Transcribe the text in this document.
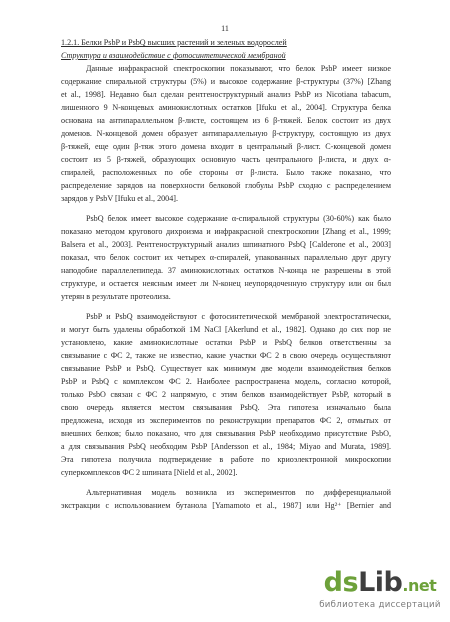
11
1.2.1. Белки PsbP и PsbQ высших растений и зеленых водорослей
Структура и взаимодействие с фотосинтетической мембраной
Данные инфракрасной спектроскопии показывают, что белок PsbP имеет низкое
содержание спиральной структуры (5%) и высокое содержание β-структуры (37%) [Zhang
et al., 1998]. Недавно был сделан рентгеноструктурный анализ PsbP из Nicotiana tabacum,
лишенного 9 N-концевых аминокислотных остатков [Ifuku et al., 2004]. Структура белка
основана на антипараллельном β-листе, состоящем из 6 β-тяжей. Белок состоит из двух
доменов. N-концевой домен образует антипараллельную β-структуру, состоящую из двух
β-тяжей, еще один β-тяж этого домена входит в центральный β-лист. С-концевой домен
состоит из 5 β-тяжей, образующих основную часть центрального β-листа, и двух α-
спиралей, расположенных по обе стороны от β-листа. Было также показано, что
распределение зарядов на поверхности белковой глобулы PsbP сходно с распределением
зарядов у PsbV [Ifuku et al., 2004].
PsbQ белок имеет высокое содержание α-спиральной структуры (30-60%) как было
показано методом кругового дихроизма и инфракрасной спектроскопии [Zhang et al., 1999;
Balsera et al., 2003]. Рентгеноструктурный анализ шпинатного PsbQ [Calderone et al., 2003]
показал, что белок состоит их четырех α-спиралей, упакованных параллельно друг другу
наподобие параллелепипеда. 37 аминокислотных остатков N-конца не разрешены в этой
структуре, и остается неясным имеет ли N-конец неупорядоченную структуру или он был
утерян в результате протеолиза.
PsbP и PsbQ взаимодействуют с фотосинтетической мембраной электростатически,
и могут быть удалены обработкой 1М NaCl [Akerlund et al., 1982]. Однако до сих пор не
установлено, какие аминокислотные остатки PsbP и PsbQ белков ответственны за
связывание с ФС 2, также не известно, какие участки ФС 2 в свою очередь осуществляют
связывание PsbP и PsbQ. Существует как минимум две модели взаимодействия белков
PsbP и PsbQ с комплексом ФС 2. Наиболее распространена модель, согласно которой,
только PsbO связан с ФС 2 напрямую, с этим белков взаимодействует PsbP, который в
свою очередь является местом связывания PsbQ. Эта гипотеза изначально была
предложена, исходя из экспериментов по реконструкции препаратов ФС 2, отмытых от
внешних белков; было показано, что для связывания PsbP необходимо присутствие PsbO,
а для связывания PsbQ необходим PsbP [Andersson et al., 1984; Miyao and Murata, 1989].
Эта гипотеза получила подтверждение в работе по криоэлектронной микроскопии
суперкомплексов ФС 2 шпината [Nield et al., 2002].
Альтернативная модель возникла из экспериментов по дифференциальной
экстракции с использованием бутанола [Yamamoto et al., 1987] или Hg²⁺ [Bernier and
dsLib.net
библиотека диссертаций
